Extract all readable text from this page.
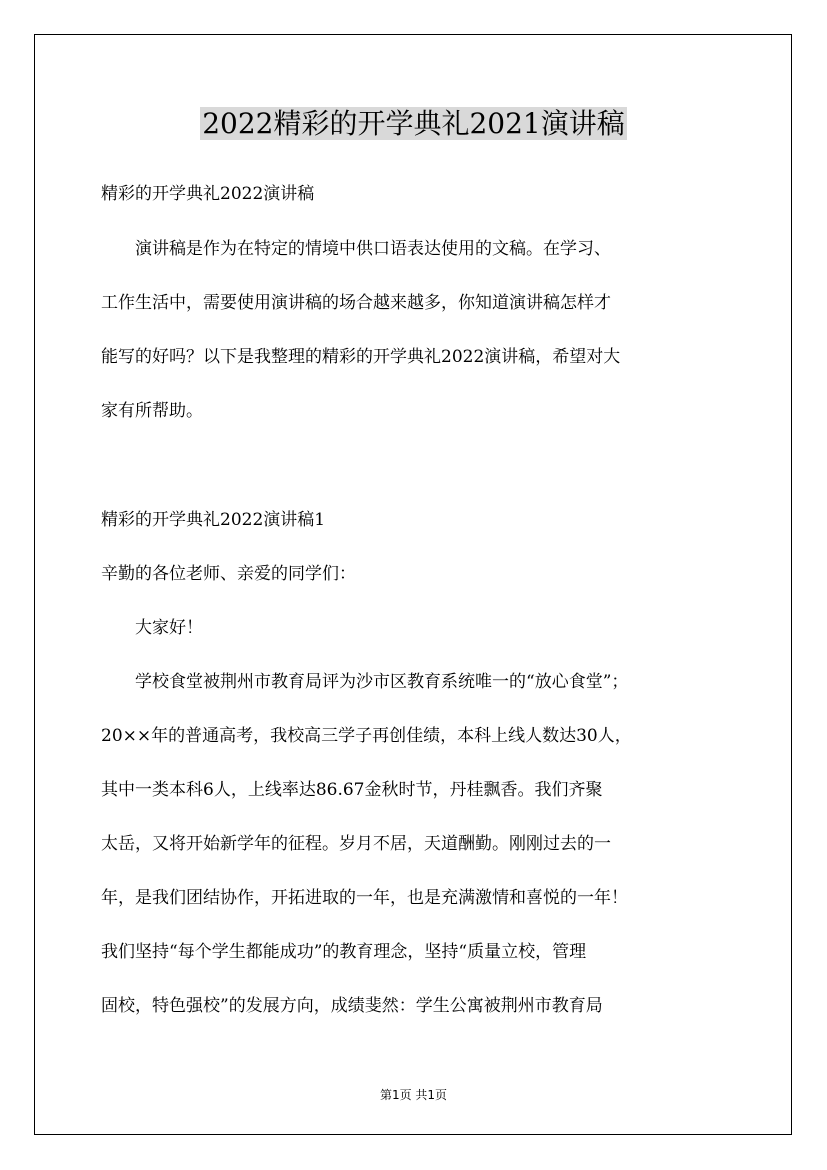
2022精彩的开学典礼2021演讲稿
精彩的开学典礼2022演讲稿
　　演讲稿是作为在特定的情境中供口语表达使用的文稿。在学习、
工作生活中，需要使用演讲稿的场合越来越多，你知道演讲稿怎样才
能写的好吗？以下是我整理的精彩的开学典礼2022演讲稿，希望对大
家有所帮助。
精彩的开学典礼2022演讲稿1
辛勤的各位老师、亲爱的同学们：
　　大家好！
　　学校食堂被荆州市教育局评为沙市区教育系统唯一的“放心食堂”；
20××年的普通高考，我校高三学子再创佳绩，本科上线人数达30人，
其中一类本科6人，上线率达86.67金秋时节，丹桂飘香。我们齐聚
太岳，又将开始新学年的征程。岁月不居，天道酬勤。刚刚过去的一
年，是我们团结协作，开拓进取的一年，也是充满激情和喜悦的一年！
我们坚持“每个学生都能成功”的教育理念，坚持“质量立校，管理
固校，特色强校”的发展方向，成绩斐然：学生公寓被荆州市教育局
第1页 共1页
